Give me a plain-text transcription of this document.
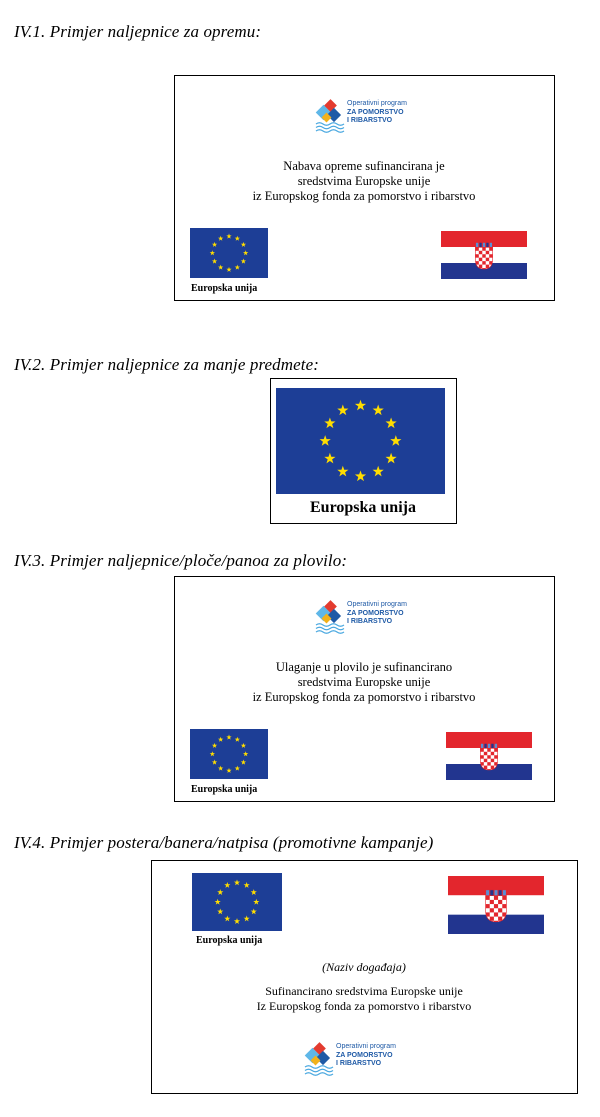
IV.1. Primjer naljepnice za opremu:
Operativni program
ZA POMORSTVO
I RIBARSTVO
Nabava opreme sufinancirana je
sredstvima Europske unije
iz Europskog fonda za pomorstvo i ribarstvo
Europska unija
IV.2. Primjer naljepnice za manje predmete:
Europska unija
IV.3. Primjer naljepnice/ploče/panoa za plovilo:
Operativni program
ZA POMORSTVO
I RIBARSTVO
Ulaganje u plovilo je sufinancirano
sredstvima Europske unije
iz Europskog fonda za pomorstvo i ribarstvo
Europska unija
IV.4. Primjer postera/banera/natpisa (promotivne kampanje)
Europska unija
(Naziv događaja)
Sufinancirano sredstvima Europske unije
Iz Europskog fonda za pomorstvo i ribarstvo
Operativni program
ZA POMORSTVO
I RIBARSTVO
